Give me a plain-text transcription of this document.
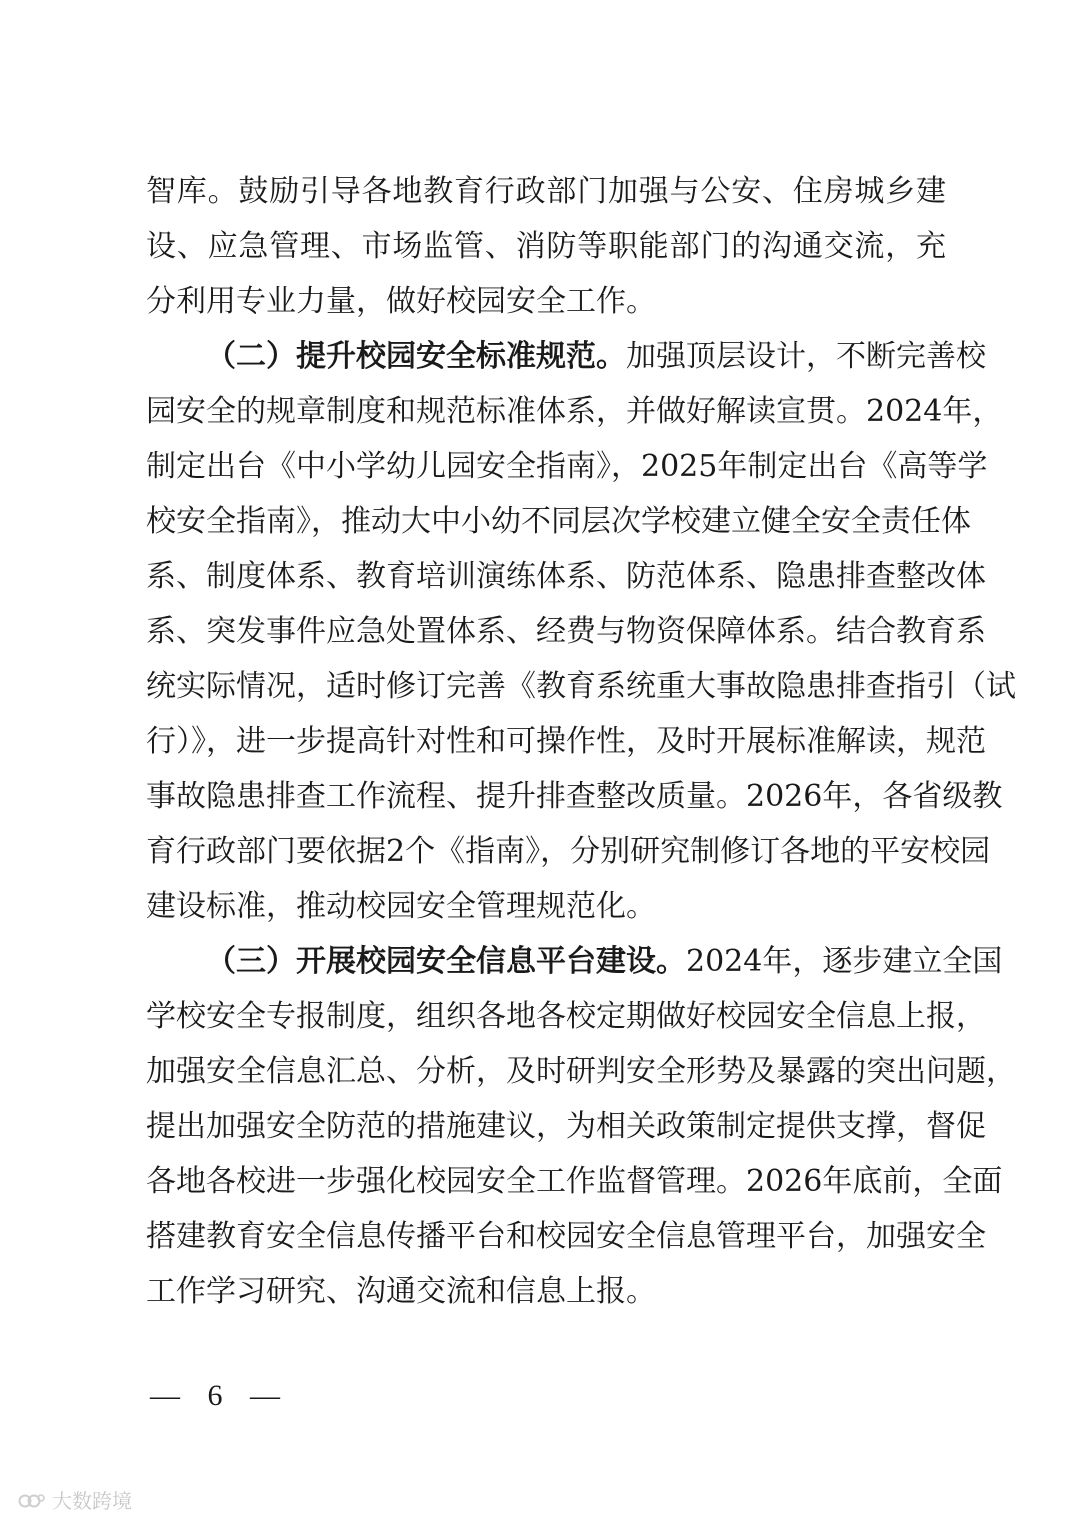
智库。鼓励引导各地教育行政部门加强与公安、住房城乡建
设、应急管理、市场监管、消防等职能部门的沟通交流，充
分利用专业力量，做好校园安全工作。
（二）提升校园安全标准规范。加强顶层设计，不断完善校
园安全的规章制度和规范标准体系，并做好解读宣贯。2024年，
制定出台《中小学幼儿园安全指南》，2025年制定出台《高等学
校安全指南》，推动大中小幼不同层次学校建立健全安全责任体
系、制度体系、教育培训演练体系、防范体系、隐患排查整改体
系、突发事件应急处置体系、经费与物资保障体系。结合教育系
统实际情况，适时修订完善《教育系统重大事故隐患排查指引（试
行）》，进一步提高针对性和可操作性，及时开展标准解读，规范
事故隐患排查工作流程、提升排查整改质量。2026年，各省级教
育行政部门要依据2个《指南》，分别研究制修订各地的平安校园
建设标准，推动校园安全管理规范化。
（三）开展校园安全信息平台建设。2024年，逐步建立全国
学校安全专报制度，组织各地各校定期做好校园安全信息上报，
加强安全信息汇总、分析，及时研判安全形势及暴露的突出问题，
提出加强安全防范的措施建议，为相关政策制定提供支撑，督促
各地各校进一步强化校园安全工作监督管理。2026年底前，全面
搭建教育安全信息传播平台和校园安全信息管理平台，加强安全
工作学习研究、沟通交流和信息上报。
— 6 —
大数跨境
